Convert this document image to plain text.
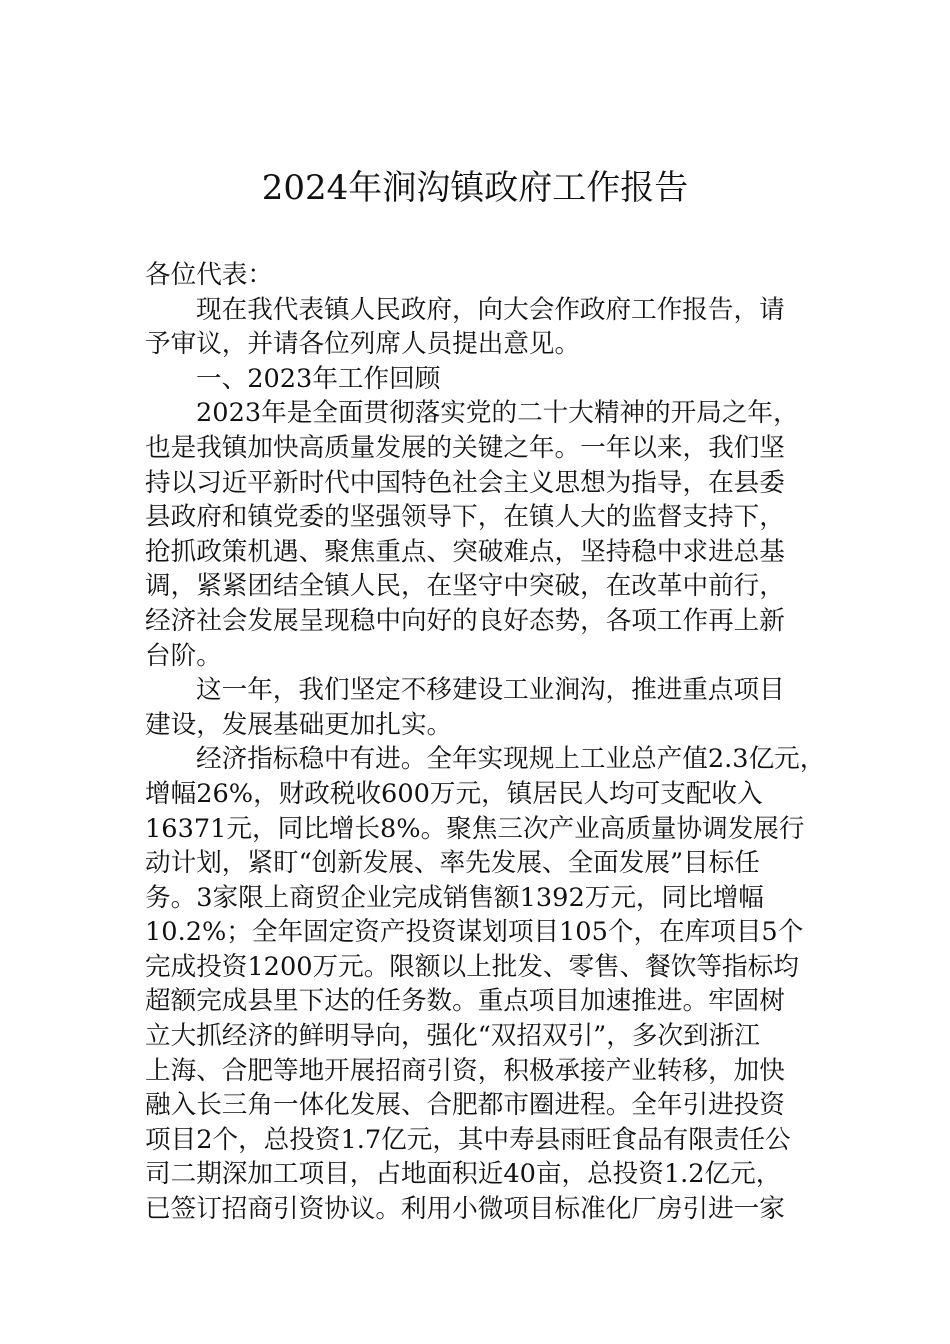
2024年涧沟镇政府工作报告
各位代表：
现在我代表镇人民政府，向大会作政府工作报告，请
予审议，并请各位列席人员提出意见。
一、2023年工作回顾
2023年是全面贯彻落实党的二十大精神的开局之年，
也是我镇加快高质量发展的关键之年。一年以来，我们坚
持以习近平新时代中国特色社会主义思想为指导，在县委
县政府和镇党委的坚强领导下，在镇人大的监督支持下，
抢抓政策机遇、聚焦重点、突破难点，坚持稳中求进总基
调，紧紧团结全镇人民，在坚守中突破，在改革中前行，
经济社会发展呈现稳中向好的良好态势，各项工作再上新
台阶。
这一年，我们坚定不移建设工业涧沟，推进重点项目
建设，发展基础更加扎实。
经济指标稳中有进。全年实现规上工业总产值2.3亿元，
增幅26%，财政税收600万元，镇居民人均可支配收入
16371元，同比增长8%。聚焦三次产业高质量协调发展行
动计划，紧盯“创新发展、率先发展、全面发展”目标任
务。3家限上商贸企业完成销售额1392万元，同比增幅
10.2%；全年固定资产投资谋划项目105个，在库项目5个
完成投资1200万元。限额以上批发、零售、餐饮等指标均
超额完成县里下达的任务数。重点项目加速推进。牢固树
立大抓经济的鲜明导向，强化“双招双引”，多次到浙江
上海、合肥等地开展招商引资，积极承接产业转移，加快
融入长三角一体化发展、合肥都市圈进程。全年引进投资
项目2个，总投资1.7亿元，其中寿县雨旺食品有限责任公
司二期深加工项目，占地面积近40亩，总投资1.2亿元，
已签订招商引资协议。利用小微项目标准化厂房引进一家
